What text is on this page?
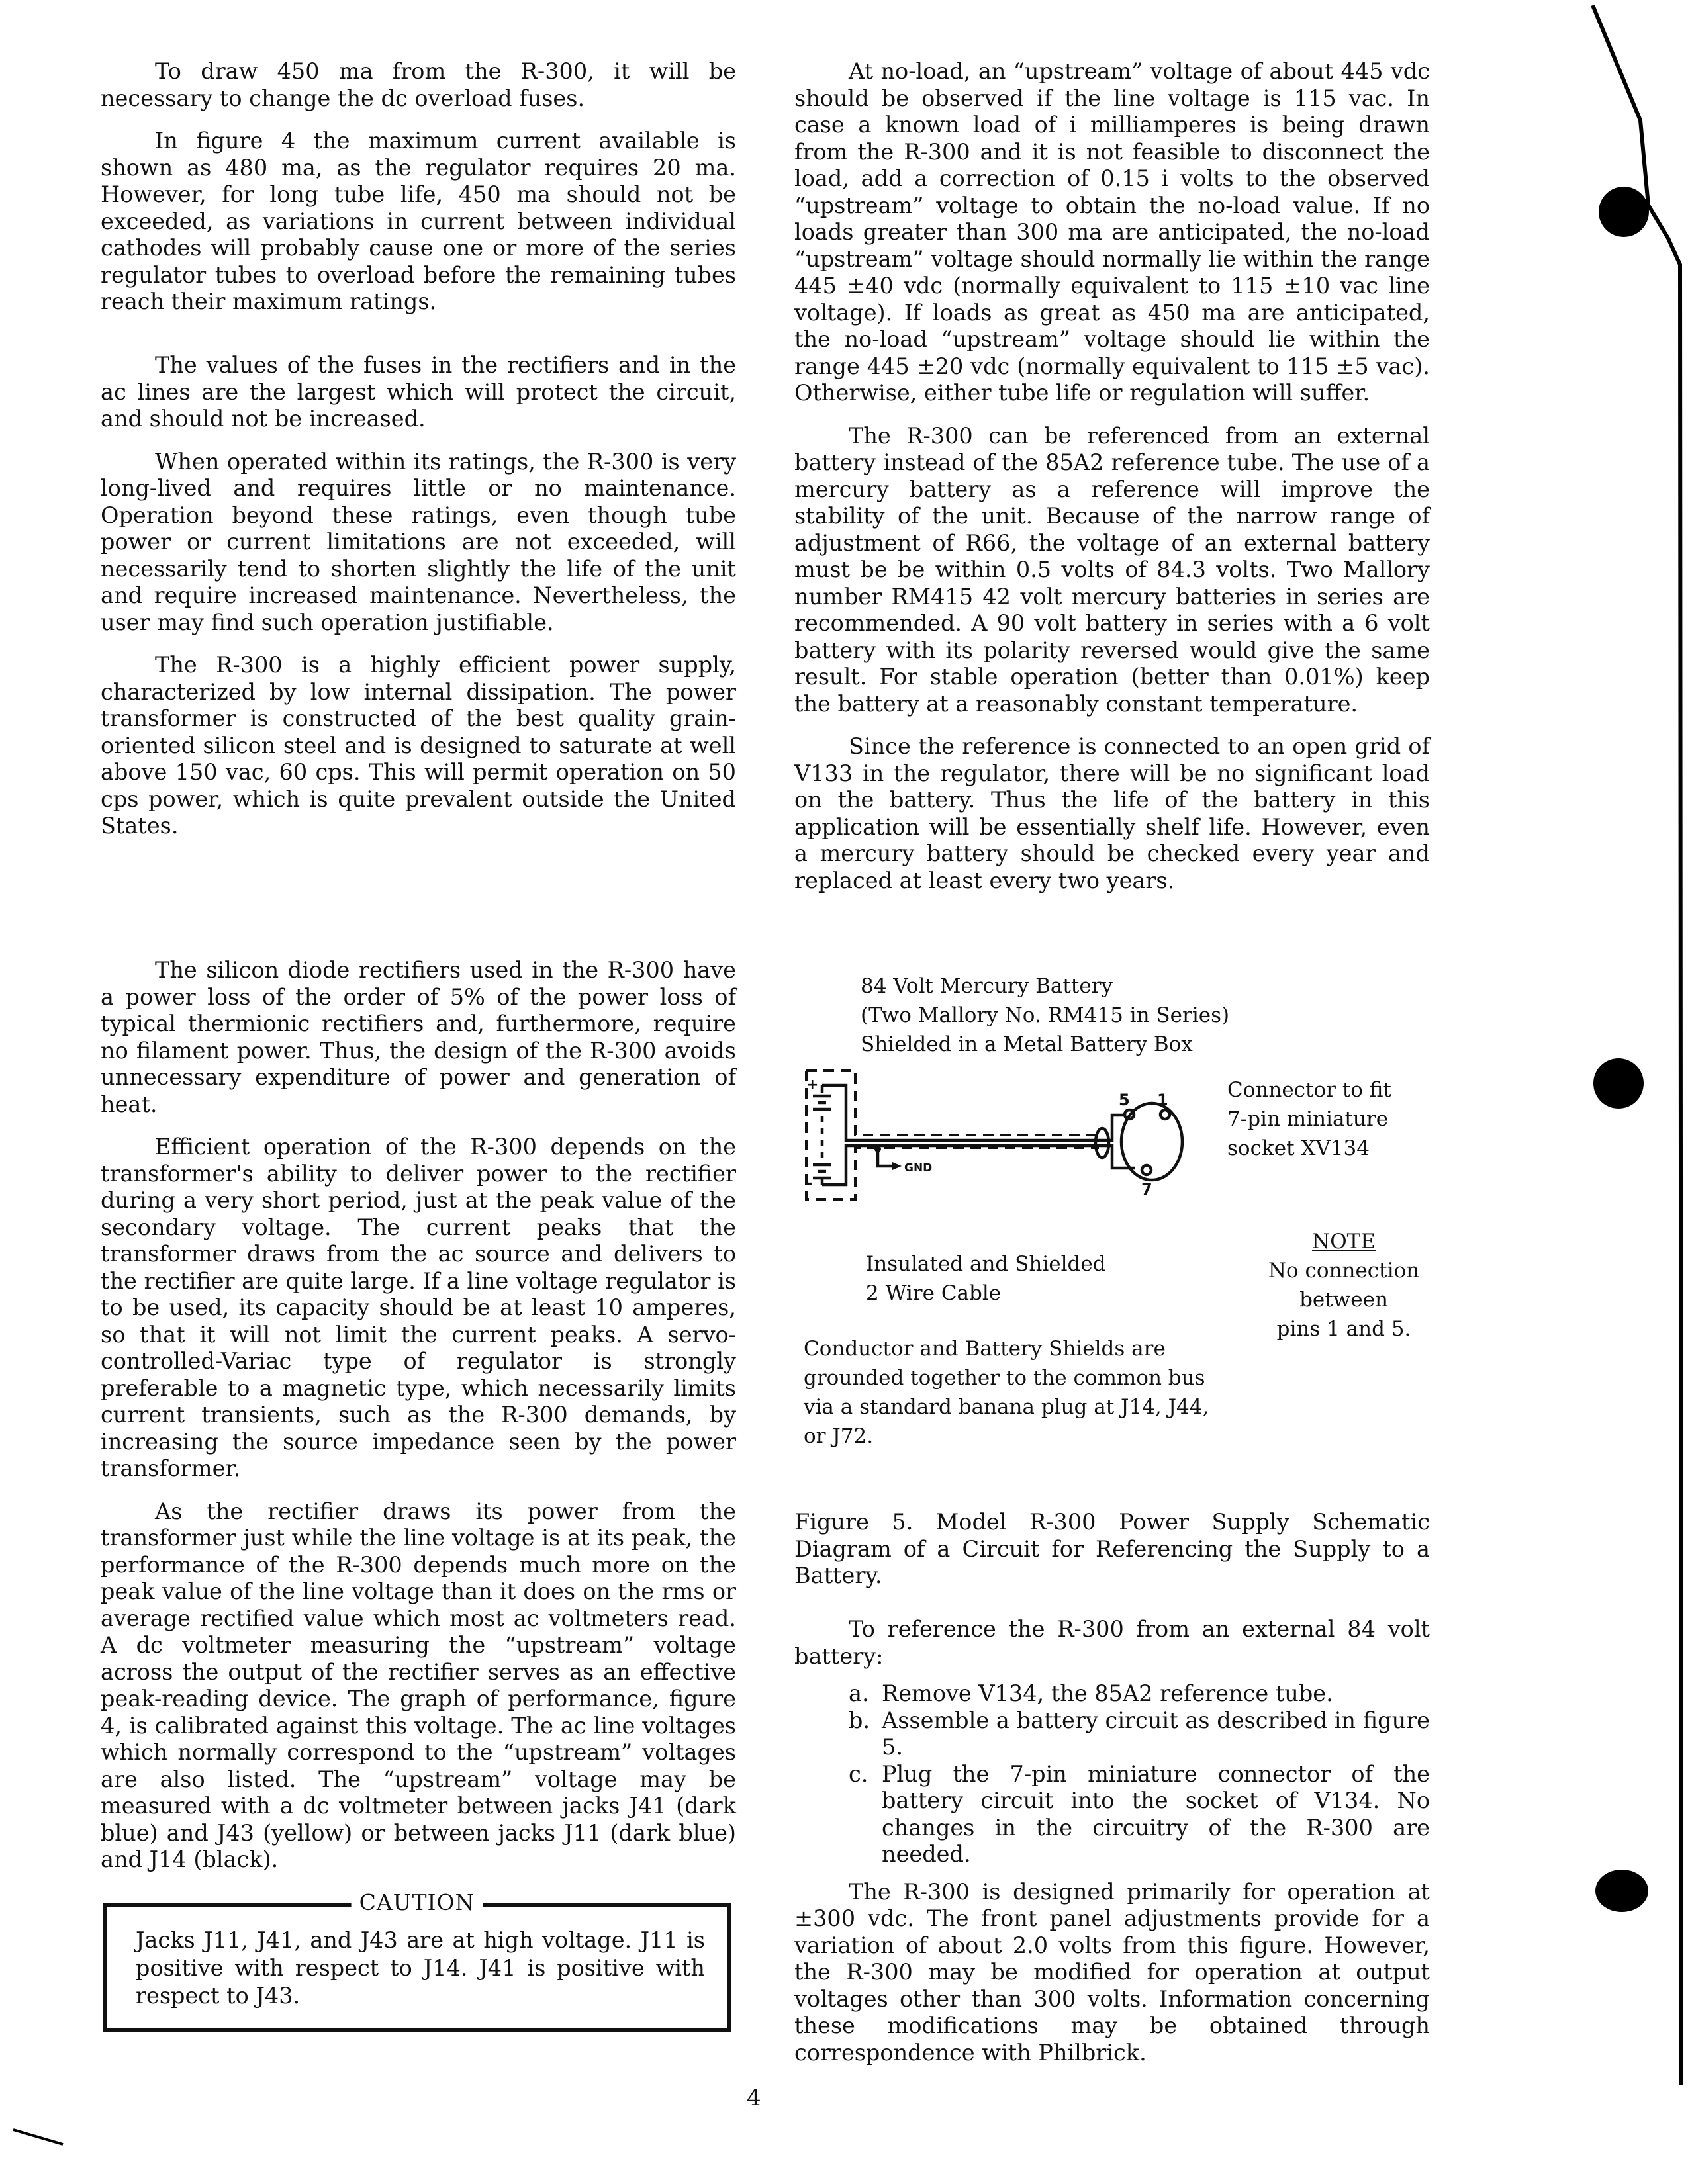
To draw 450 ma from the R-300, it will be necessary to change the dc overload fuses.

In figure 4 the maximum current available is shown as 480 ma, as the regulator requires 20 ma. However, for long tube life, 450 ma should not be exceeded, as variations in current between individual cathodes will probably cause one or more of the series regulator tubes to overload before the remaining tubes reach their maximum ratings.

The values of the fuses in the rectifiers and in the ac lines are the largest which will protect the circuit, and should not be increased.

When operated within its ratings, the R-300 is very long-lived and requires little or no maintenance. Operation beyond these ratings, even though tube power or current limitations are not exceeded, will necessarily tend to shorten slightly the life of the unit and require increased maintenance. Nevertheless, the user may find such operation justifiable.

The R-300 is a highly efficient power supply, characterized by low internal dissipation. The power transformer is constructed of the best quality grain-oriented silicon steel and is designed to saturate at well above 150 vac, 60 cps. This will permit operation on 50 cps power, which is quite prevalent outside the United States.

The silicon diode rectifiers used in the R-300 have a power loss of the order of 5% of the power loss of typical thermionic rectifiers and, furthermore, require no filament power. Thus, the design of the R-300 avoids unnecessary expenditure of power and generation of heat.

Efficient operation of the R-300 depends on the transformer's ability to deliver power to the rectifier during a very short period, just at the peak value of the secondary voltage. The current peaks that the transformer draws from the ac source and delivers to the rectifier are quite large. If a line voltage regulator is to be used, its capacity should be at least 10 amperes, so that it will not limit the current peaks. A servo-controlled-Variac type of regulator is strongly preferable to a magnetic type, which necessarily limits current transients, such as the R-300 demands, by increasing the source impedance seen by the power transformer.

As the rectifier draws its power from the transformer just while the line voltage is at its peak, the performance of the R-300 depends much more on the peak value of the line voltage than it does on the rms or average rectified value which most ac voltmeters read. A dc voltmeter measuring the “upstream” voltage across the output of the rectifier serves as an effective peak-reading device. The graph of performance, figure 4, is calibrated against this voltage. The ac line voltages which normally correspond to the “upstream” voltages are also listed. The “upstream” voltage may be measured with a dc voltmeter between jacks J41 (dark blue) and J43 (yellow) or between jacks J11 (dark blue) and J14 (black).

CAUTION
Jacks J11, J41, and J43 are at high voltage. J11 is positive with respect to J14. J41 is positive with respect to J43.

At no-load, an “upstream” voltage of about 445 vdc should be observed if the line voltage is 115 vac. In case a known load of i milliamperes is being drawn from the R-300 and it is not feasible to disconnect the load, add a correction of 0.15 i volts to the observed “upstream” voltage to obtain the no-load value. If no loads greater than 300 ma are anticipated, the no-load “upstream” voltage should normally lie within the range 445 ±40 vdc (normally equivalent to 115 ±10 vac line voltage). If loads as great as 450 ma are anticipated, the no-load “upstream” voltage should lie within the range 445 ±20 vdc (normally equivalent to 115 ±5 vac). Otherwise, either tube life or regulation will suffer.

The R-300 can be referenced from an external battery instead of the 85A2 reference tube. The use of a mercury battery as a reference will improve the stability of the unit. Because of the narrow range of adjustment of R66, the voltage of an external battery must be be within 0.5 volts of 84.3 volts. Two Mallory number RM415 42 volt mercury batteries in series are recommended. A 90 volt battery in series with a 6 volt battery with its polarity reversed would give the same result. For stable operation (better than 0.01%) keep the battery at a reasonably constant temperature.

Since the reference is connected to an open grid of V133 in the regulator, there will be no significant load on the battery. Thus the life of the battery in this application will be essentially shelf life. However, even a mercury battery should be checked every year and replaced at least every two years.

84 Volt Mercury Battery
(Two Mallory No. RM415 in Series)
Shielded in a Metal Battery Box
+
-
GND
5 1
7
Connector to fit
7-pin miniature
socket XV134
NOTE
No connection
between
pins 1 and 5.
Insulated and Shielded
2 Wire Cable
Conductor and Battery Shields are
grounded together to the common bus
via a standard banana plug at J14, J44,
or J72.
Figure 5. Model R-300 Power Supply Schematic Diagram of a Circuit for Referencing the Supply to a Battery.

To reference the R-300 from an external 84 volt battery:

a. Remove V134, the 85A2 reference tube.
b. Assemble a battery circuit as described in figure 5.
c. Plug the 7-pin miniature connector of the battery circuit into the socket of V134. No changes in the circuitry of the R-300 are needed.

The R-300 is designed primarily for operation at ±300 vdc. The front panel adjustments provide for a variation of about 2.0 volts from this figure. However, the R-300 may be modified for operation at output voltages other than 300 volts. Information concerning these modifications may be obtained through correspondence with Philbrick.

4
